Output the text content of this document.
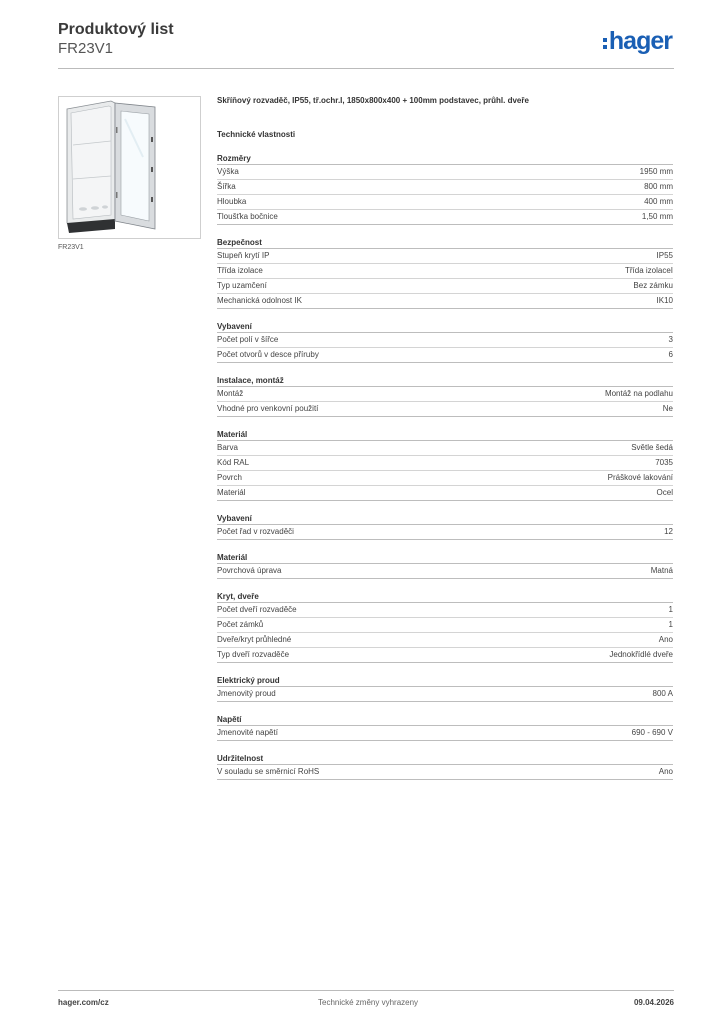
Produktový list
FR23V1	hager
FR23V1
Skříňový rozvaděč, IP55, tř.ochr.I, 1850x800x400 + 100mm podstavec, průhl. dveře
Technické vlastnosti
Rozměry
Výška	1950 mm
Šířka	800 mm
Hloubka	400 mm
Tloušťka bočnice	1,50 mm
Bezpečnost
Stupeň krytí IP	IP55
Třída izolace	Třída izolaceI
Typ uzamčení	Bez zámku
Mechanická odolnost IK	IK10
Vybavení
Počet polí v šířce	3
Počet otvorů v desce příruby	6
Instalace, montáž
Montáž	Montáž na podlahu
Vhodné pro venkovní použití	Ne
Materiál
Barva	Světle šedá
Kód RAL	7035
Povrch	Práškové lakování
Materiál	Ocel
Vybavení
Počet řad v rozvaděči	12
Materiál
Povrchová úprava	Matná
Kryt, dveře
Počet dveří rozvaděče	1
Počet zámků	1
Dveře/kryt průhledné	Ano
Typ dveří rozvaděče	Jednokřídlé dveře
Elektrický proud
Jmenovitý proud	800 A
Napětí
Jmenovité napětí	690 - 690 V
Udržitelnost
V souladu se směrnicí RoHS	Ano
hager.com/cz	Technické změny vyhrazeny	09.04.2026
